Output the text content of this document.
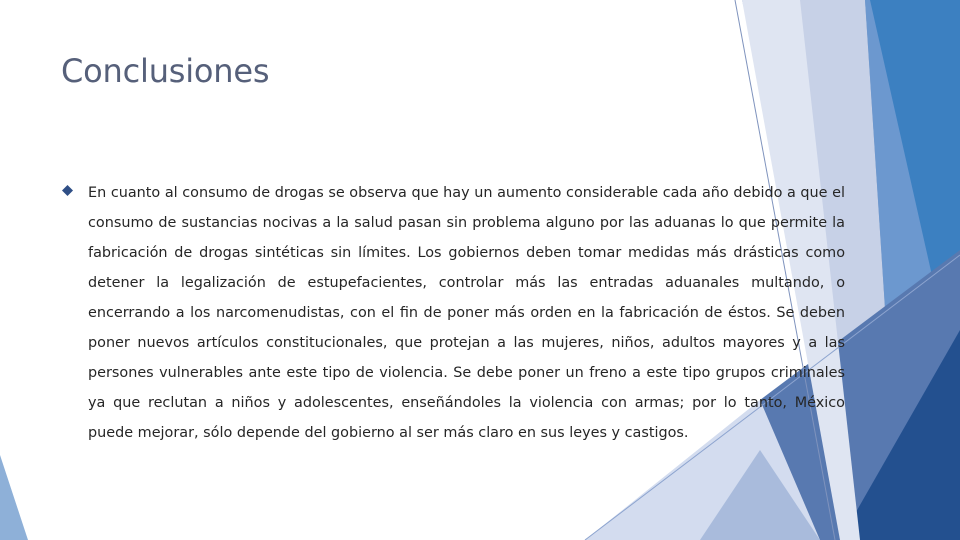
Conclusiones

En cuanto al consumo de drogas se observa que hay un aumento considerable cada año debido a que el consumo de sustancias nocivas a la salud pasan sin problema alguno por las aduanas lo que permite la fabricación de drogas sintéticas sin límites. Los gobiernos deben tomar medidas más drásticas como detener la legalización de estupefacientes, controlar más las entradas aduanales multando, o encerrando a los narcomenudistas, con el fin de poner más orden en la fabricación de éstos. Se deben poner nuevos artículos constitucionales, que protejan a las mujeres, niños, adultos mayores y a las persones vulnerables ante este tipo de violencia. Se debe poner un freno a este tipo grupos criminales ya que reclutan a niños y adolescentes, enseñándoles la violencia con armas; por lo tanto, México puede mejorar, sólo depende del gobierno al ser más claro en sus leyes y castigos.
